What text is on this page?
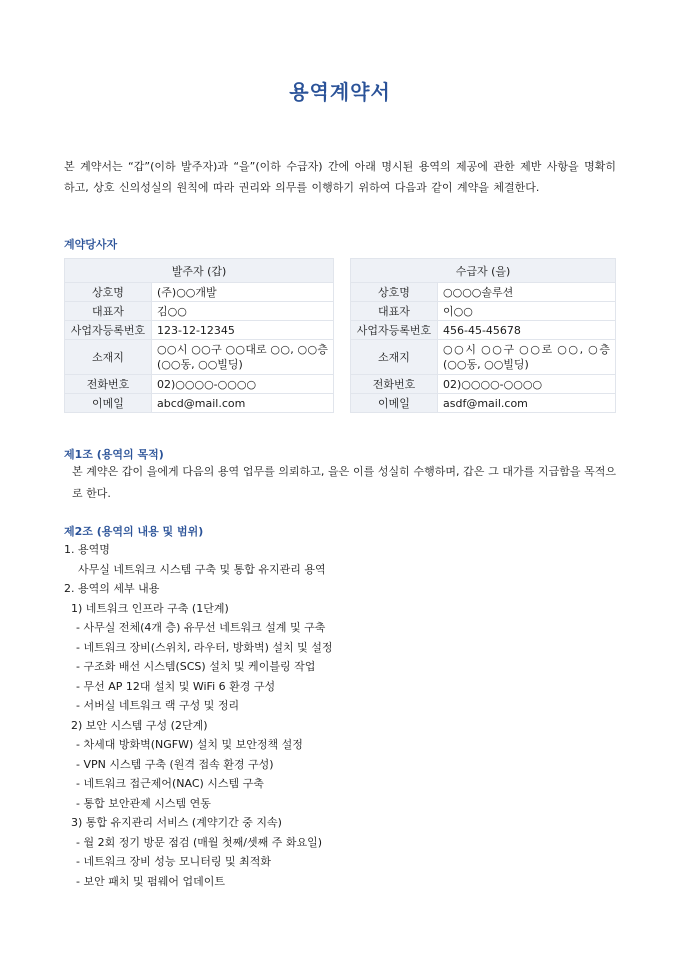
용역계약서
본 계약서는 “갑”(이하 발주자)과 “을”(이하 수급자) 간에 아래 명시된 용역의 제공에 관한 제반 사항을 명확히 하고, 상호 신의성실의 원칙에 따라 권리와 의무를 이행하기 위하여 다음과 같이 계약을 체결한다.
계약당사자
발주자 (갑)	
상호명	(주)○○개발
대표자	김○○
사업자등록번호	123-12-12345
소재지	○○시 ○○구 ○○대로 ○○, ○○층 (○○동, ○○빌딩)
전화번호	02)○○○○-○○○○
이메일	abcd@mail.com
수급자 (을)	
상호명	○○○○솔루션
대표자	이○○
사업자등록번호	456-45-45678
소재지	○○시 ○○구 ○○로 ○○, ○층(○○동, ○○빌딩)
전화번호	02)○○○○-○○○○
이메일	asdf@mail.com
제1조 (용역의 목적)
본 계약은 갑이 을에게 다음의 용역 업무를 의뢰하고, 을은 이를 성실히 수행하며, 갑은 그 대가를 지급함을 목적으로 한다.
제2조 (용역의 내용 및 범위)
1. 용역명
사무실 네트워크 시스템 구축 및 통합 유지관리 용역
2. 용역의 세부 내용
1) 네트워크 인프라 구축 (1단계)
- 사무실 전체(4개 층) 유무선 네트워크 설계 및 구축
- 네트워크 장비(스위치, 라우터, 방화벽) 설치 및 설정
- 구조화 배선 시스템(SCS) 설치 및 케이블링 작업
- 무선 AP 12대 설치 및 WiFi 6 환경 구성
- 서버실 네트워크 랙 구성 및 정리
2) 보안 시스템 구성 (2단계)
- 차세대 방화벽(NGFW) 설치 및 보안정책 설정
- VPN 시스템 구축 (원격 접속 환경 구성)
- 네트워크 접근제어(NAC) 시스템 구축
- 통합 보안관제 시스템 연동
3) 통합 유지관리 서비스 (계약기간 중 지속)
- 월 2회 정기 방문 점검 (매월 첫째/셋째 주 화요일)
- 네트워크 장비 성능 모니터링 및 최적화
- 보안 패치 및 펌웨어 업데이트
